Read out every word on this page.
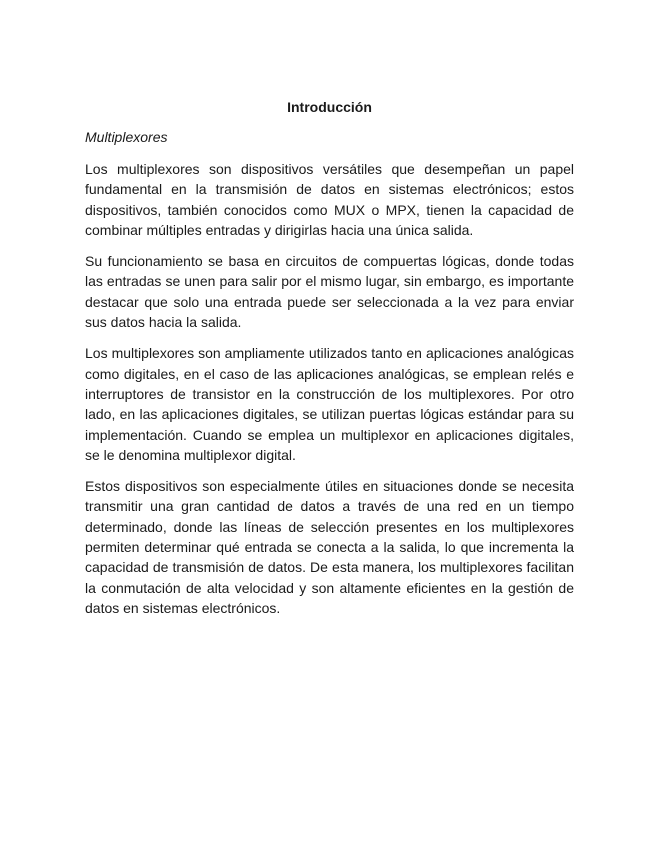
Introducción
Multiplexores

Los multiplexores son dispositivos versátiles que desempeñan un papel fundamental en la transmisión de datos en sistemas electrónicos; estos dispositivos, también conocidos como MUX o MPX, tienen la capacidad de combinar múltiples entradas y dirigirlas hacia una única salida.

Su funcionamiento se basa en circuitos de compuertas lógicas, donde todas las entradas se unen para salir por el mismo lugar, sin embargo, es importante destacar que solo una entrada puede ser seleccionada a la vez para enviar sus datos hacia la salida.

Los multiplexores son ampliamente utilizados tanto en aplicaciones analógicas como digitales, en el caso de las aplicaciones analógicas, se emplean relés e interruptores de transistor en la construcción de los multiplexores. Por otro lado, en las aplicaciones digitales, se utilizan puertas lógicas estándar para su implementación. Cuando se emplea un multiplexor en aplicaciones digitales, se le denomina multiplexor digital.

Estos dispositivos son especialmente útiles en situaciones donde se necesita transmitir una gran cantidad de datos a través de una red en un tiempo determinado, donde las líneas de selección presentes en los multiplexores permiten determinar qué entrada se conecta a la salida, lo que incrementa la capacidad de transmisión de datos. De esta manera, los multiplexores facilitan la conmutación de alta velocidad y son altamente eficientes en la gestión de datos en sistemas electrónicos.
